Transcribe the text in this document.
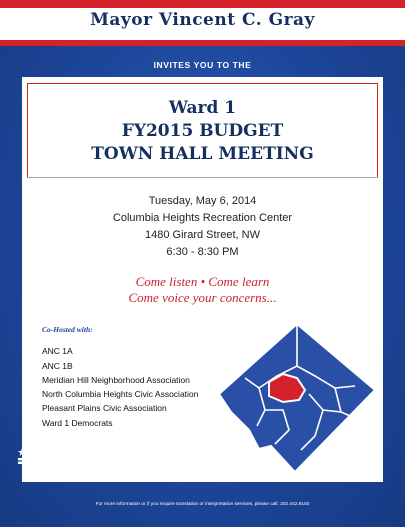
Mayor Vincent C. Gray
INVITES YOU TO THE
Ward 1
FY2015 BUDGET
TOWN HALL MEETING
Tuesday, May 6, 2014
Columbia Heights Recreation Center
1480 Girard Street, NW
6:30 - 8:30 PM
Come listen • Come learn
Come voice your concerns...
Co-Hosted with:
ANC 1A
ANC 1B
Meridian Hill Neighborhood Association
North Columbia Heights Civic Association
Pleasant Plains Civic Association
Ward 1 Democrats
Government of the
District of Columbia
Vincent C. Gray, Mayor
For more information or if you require translation or interpretation services, please call: 202.442.8150
